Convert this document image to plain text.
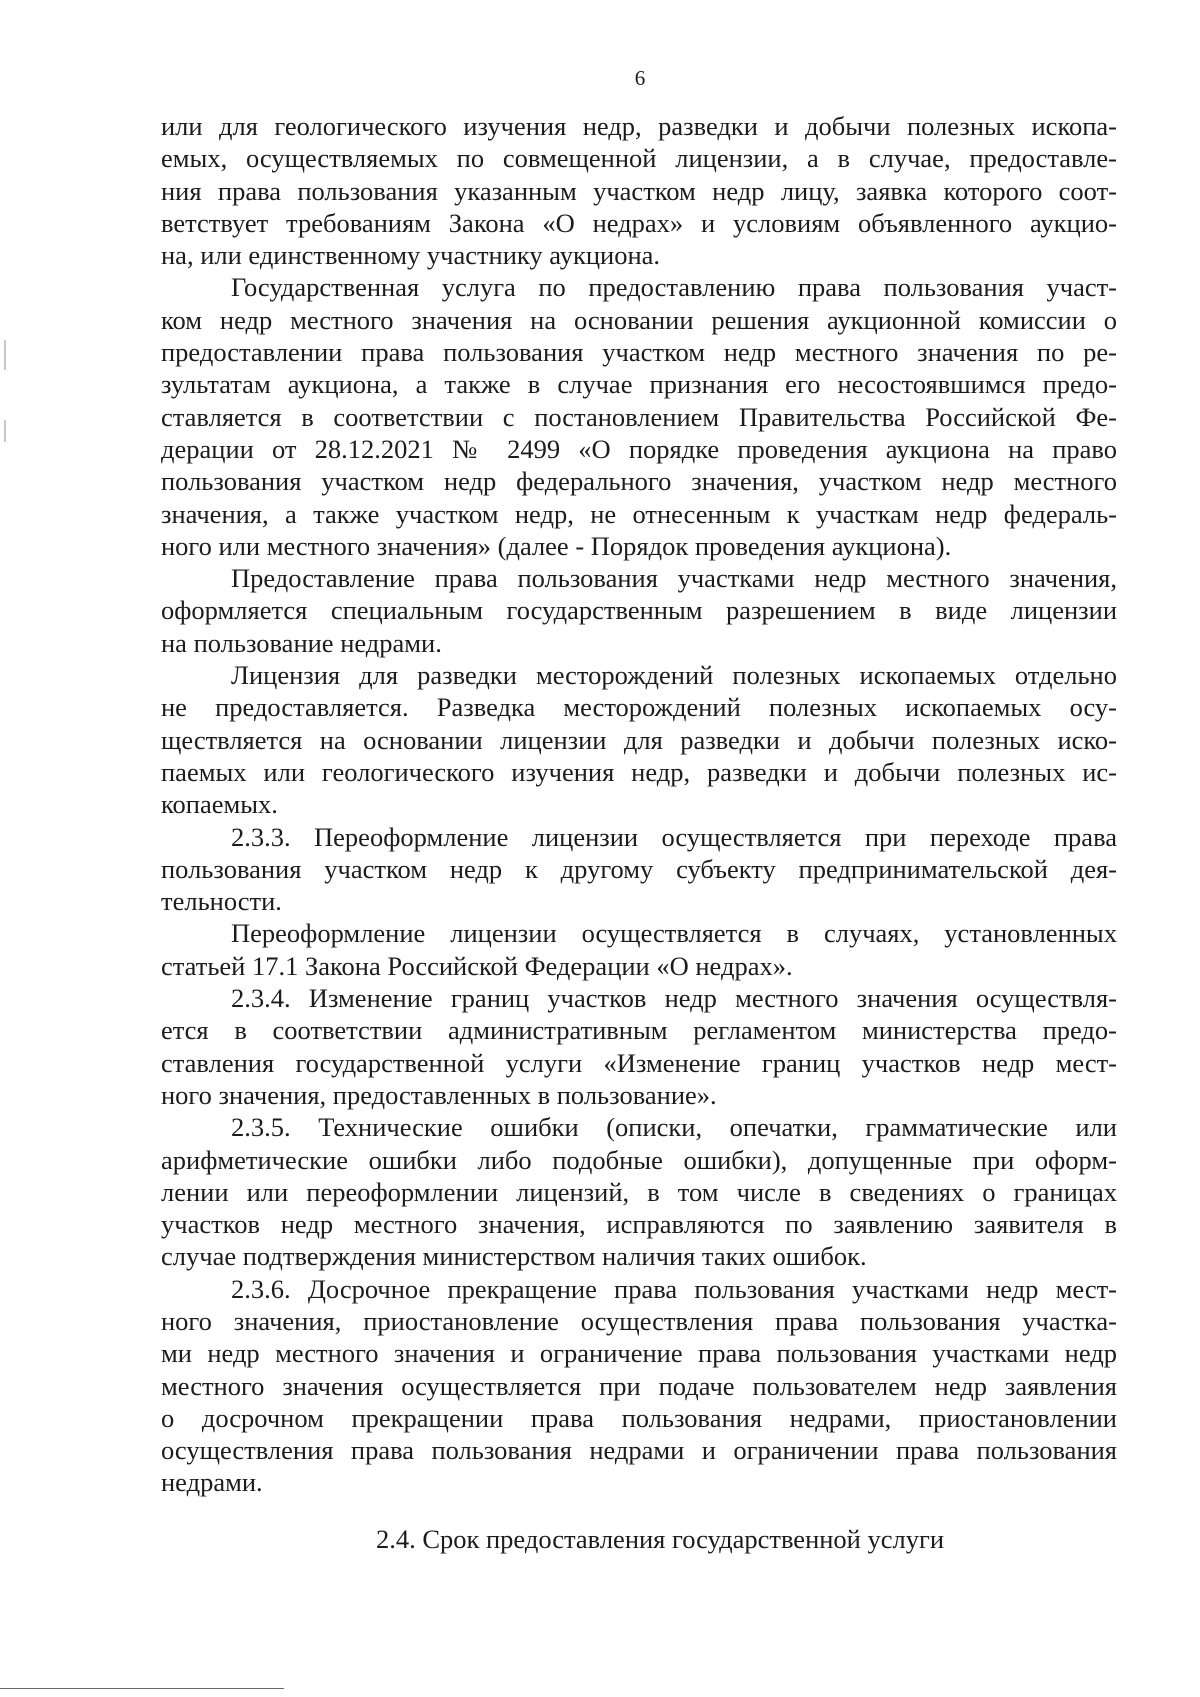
6
или для геологического изучения недр, разведки и добычи полезных ископа-
емых, осуществляемых по совмещенной лицензии, а в случае, предоставле-
ния права пользования указанным участком недр лицу, заявка которого соот-
ветствует требованиям Закона «О недрах» и условиям объявленного аукцио-
на, или единственному участнику аукциона.
Государственная услуга по предоставлению права пользования участ-
ком недр местного значения на основании решения аукционной комиссии о
предоставлении права пользования участком недр местного значения по ре-
зультатам аукциона, а также в случае признания его несостоявшимся предо-
ставляется в соответствии с постановлением Правительства Российской Фе-
дерации от 28.12.2021 № 2499 «О порядке проведения аукциона на право
пользования участком недр федерального значения, участком недр местного
значения, а также участком недр, не отнесенным к участкам недр федераль-
ного или местного значения» (далее - Порядок проведения аукциона).
Предоставление права пользования участками недр местного значения,
оформляется специальным государственным разрешением в виде лицензии
на пользование недрами.
Лицензия для разведки месторождений полезных ископаемых отдельно
не предоставляется. Разведка месторождений полезных ископаемых осу-
ществляется на основании лицензии для разведки и добычи полезных иско-
паемых или геологического изучения недр, разведки и добычи полезных ис-
копаемых.
2.3.3. Переоформление лицензии осуществляется при переходе права
пользования участком недр к другому субъекту предпринимательской дея-
тельности.
Переоформление лицензии осуществляется в случаях, установленных
статьей 17.1 Закона Российской Федерации «О недрах».
2.3.4. Изменение границ участков недр местного значения осуществля-
ется в соответствии административным регламентом министерства предо-
ставления государственной услуги «Изменение границ участков недр мест-
ного значения, предоставленных в пользование».
2.3.5. Технические ошибки (описки, опечатки, грамматические или
арифметические ошибки либо подобные ошибки), допущенные при оформ-
лении или переоформлении лицензий, в том числе в сведениях о границах
участков недр местного значения, исправляются по заявлению заявителя в
случае подтверждения министерством наличия таких ошибок.
2.3.6. Досрочное прекращение права пользования участками недр мест-
ного значения, приостановление осуществления права пользования участка-
ми недр местного значения и ограничение права пользования участками недр
местного значения осуществляется при подаче пользователем недр заявления
о досрочном прекращении права пользования недрами, приостановлении
осуществления права пользования недрами и ограничении права пользования
недрами.
2.4. Срок предоставления государственной услуги
